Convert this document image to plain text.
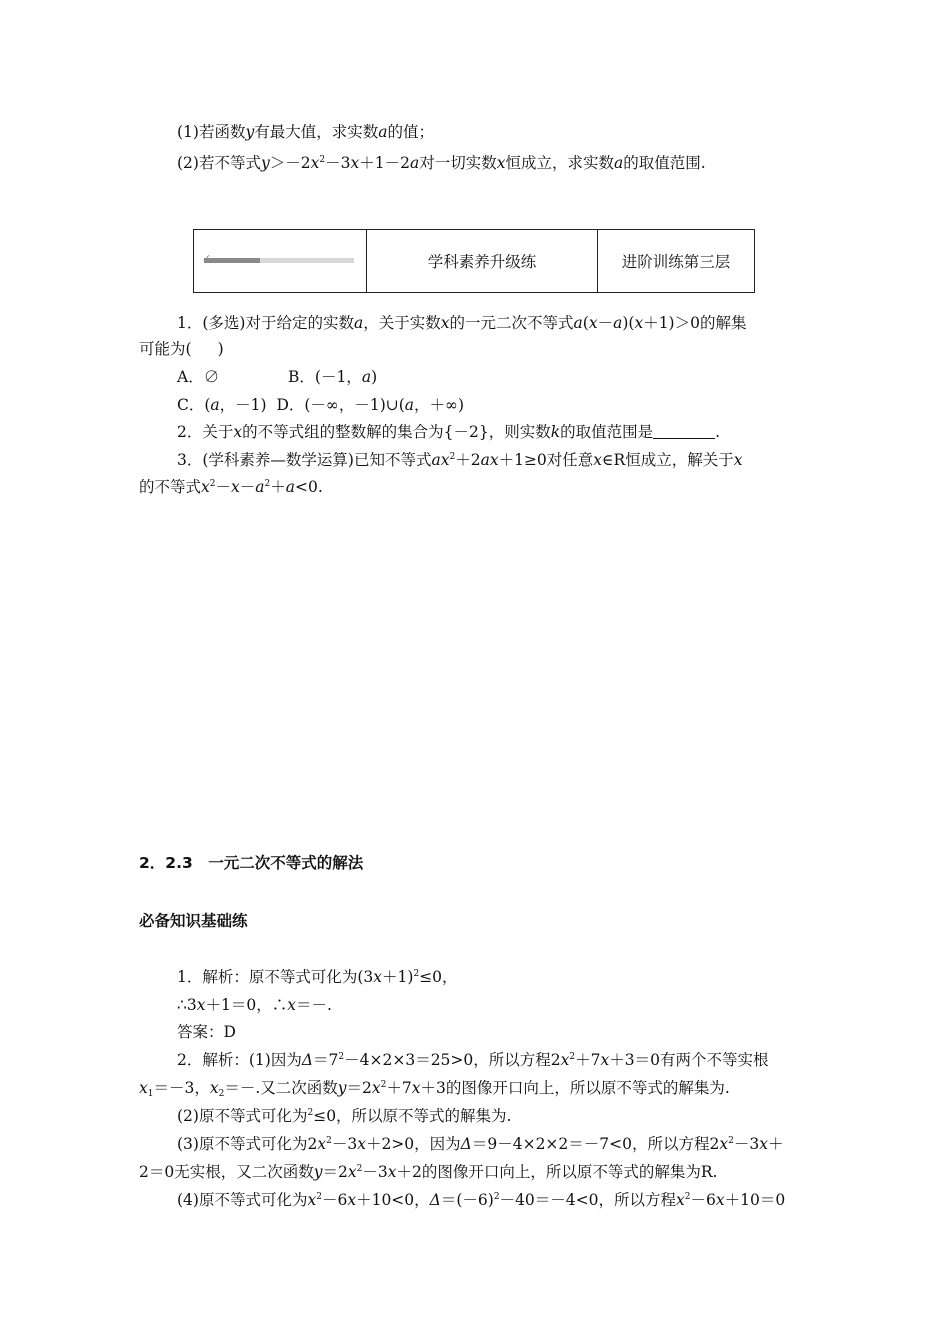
(1)若函数y有最大值，求实数a的值；
(2)若不等式$y>-2x^2-3x+1-2a$对一切实数x恒成立，求实数a的取值范围.
✓	学科素养升级练	进阶训练第三层
1．(多选)对于给定的实数a，关于实数x的一元二次不等式a(x－a)(x＋1)＞0的解集
可能为( )
A．∅	B．(－1，a)
C．(a，－1) D．(－∞，－1)∪(a，＋∞)
2．关于x的不等式组的整数解的集合为{－2}，则实数k的取值范围是	.
3．(学科素养—数学运算)已知不等式$ax^2+2ax+1\ge 0$对任意x∈R恒成立，解关于x
的不等式$x^2-x-a^2+a<0$.
2．2.3　一元二次不等式的解法
必备知识基础练
1．解析：原不等式可化为$(3x+1)^2\le 0$，
∴3x＋1＝0，∴x＝－.
答案：D
2．解析：(1)因为$\Delta=7^2-4\times 2\times 3=25>0$，所以方程$2x^2+7x+3=0$有两个不等实根
$x_1=-3$，$x_2=-$.又二次函数$y=2x^2+7x+3$的图像开口向上，所以原不等式的解集为.
(2)原不等式可化为$^2$≤0，所以原不等式的解集为.
(3)原不等式可化为$2x^2-3x+2>0$，因为Δ＝9－4×2×2＝－7<0，所以方程$2x^2-3x+$
2＝0无实根，又二次函数$y=2x^2-3x+2$的图像开口向上，所以原不等式的解集为R.
(4)原不等式可化为$x^2-6x+10<0$，$\Delta=(-6)^2-40=-4<0$，所以方程$x^2-6x+10=0$
